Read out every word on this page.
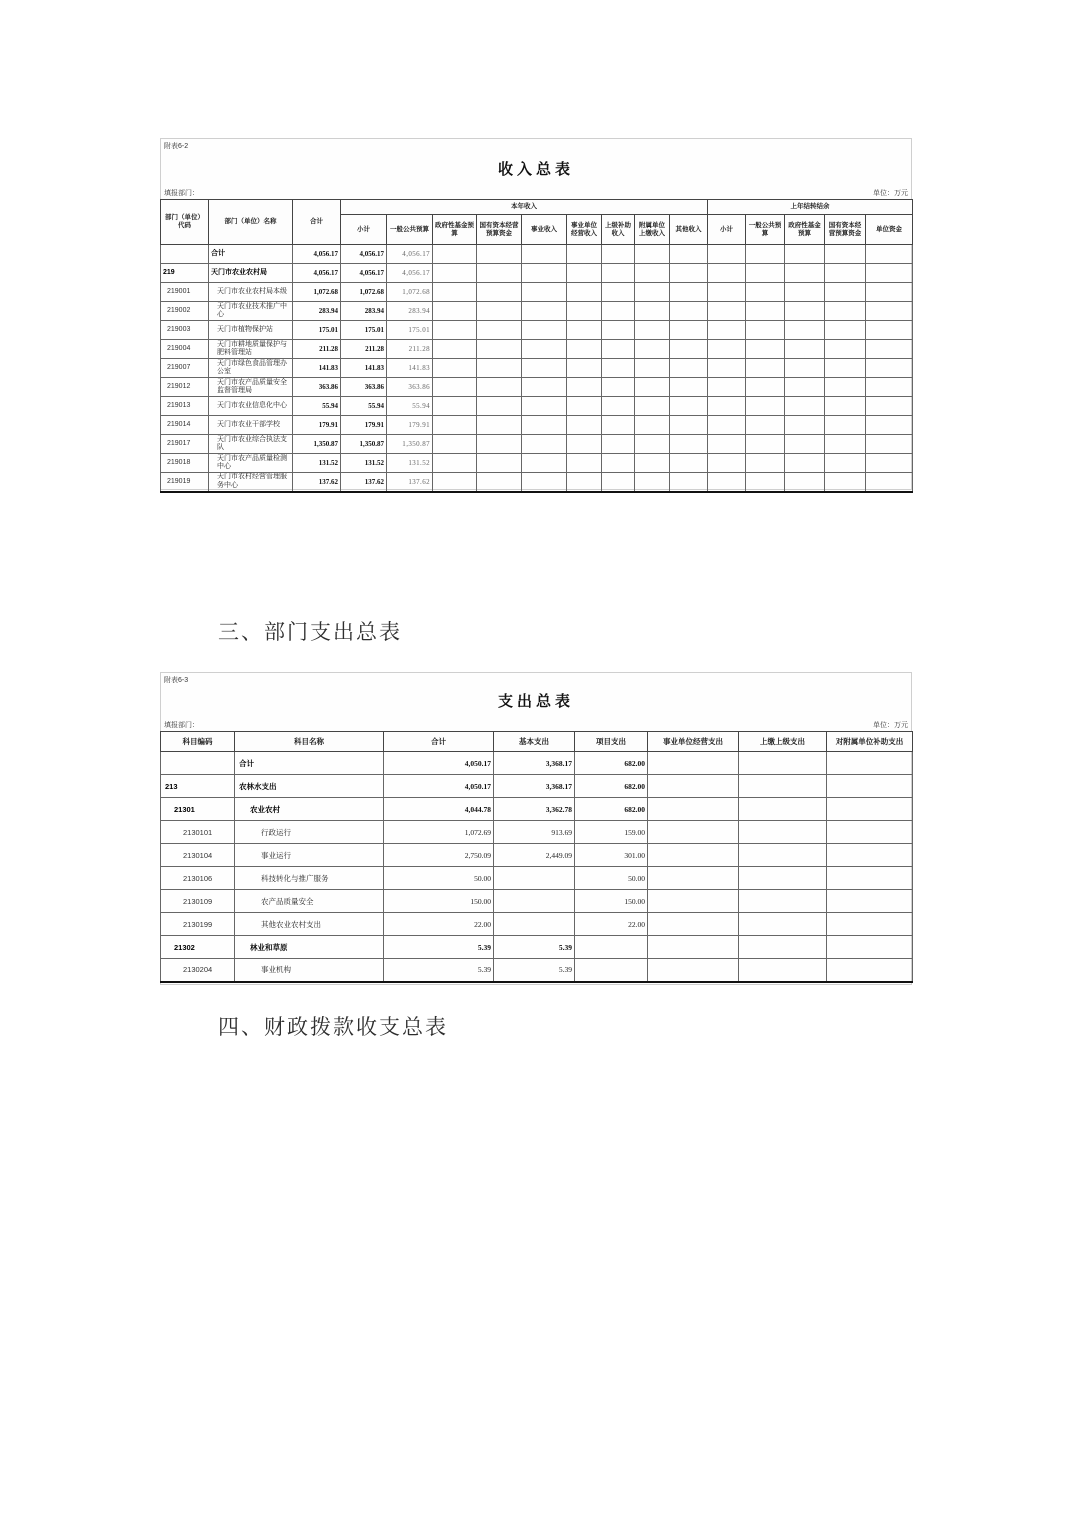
附表6-2
收入总表
填报部门：	单位：万元
部门（单位）代码	部门（单位）名称	合计	本年收入									上年结转结余				
			小计	一般公共预算	政府性基金预算	国有资本经营预算资金	事业收入	事业单位经营收入	上级补助收入	附属单位上缴收入	其他收入	小计	一般公共预算	政府性基金预算	国有资本经营预算资金	单位资金
	合计	4,056.17	4,056.17	4,056.17												
219	天门市农业农村局	4,056.17	4,056.17	4,056.17												
219001	天门市农业农村局本级	1,072.68	1,072.68	1,072.68												
219002	天门市农业技术推广中心	283.94	283.94	283.94												
219003	天门市植物保护站	175.01	175.01	175.01												
219004	天门市耕地质量保护与肥料管理站	211.28	211.28	211.28												
219007	天门市绿色食品管理办公室	141.83	141.83	141.83												
219012	天门市农产品质量安全监督管理局	363.86	363.86	363.86												
219013	天门市农业信息化中心	55.94	55.94	55.94												
219014	天门市农业干部学校	179.91	179.91	179.91												
219017	天门市农业综合执法支队	1,350.87	1,350.87	1,350.87												
219018	天门市农产品质量检测中心	131.52	131.52	131.52												
219019	天门市农村经营管理服务中心	137.62	137.62	137.62												
三、部门支出总表
附表6-3
支出总表
填报部门：	单位：万元
科目编码	科目名称	合计	基本支出	项目支出	事业单位经营支出	上缴上级支出	对附属单位补助支出
	合计	4,050.17	3,368.17	682.00			
213	农林水支出	4,050.17	3,368.17	682.00			
21301	农业农村	4,044.78	3,362.78	682.00			
2130101	行政运行	1,072.69	913.69	159.00			
2130104	事业运行	2,750.09	2,449.09	301.00			
2130106	科技转化与推广服务	50.00		50.00			
2130109	农产品质量安全	150.00		150.00			
2130199	其他农业农村支出	22.00		22.00			
21302	林业和草原	5.39	5.39				
2130204	事业机构	5.39	5.39				
四、财政拨款收支总表
